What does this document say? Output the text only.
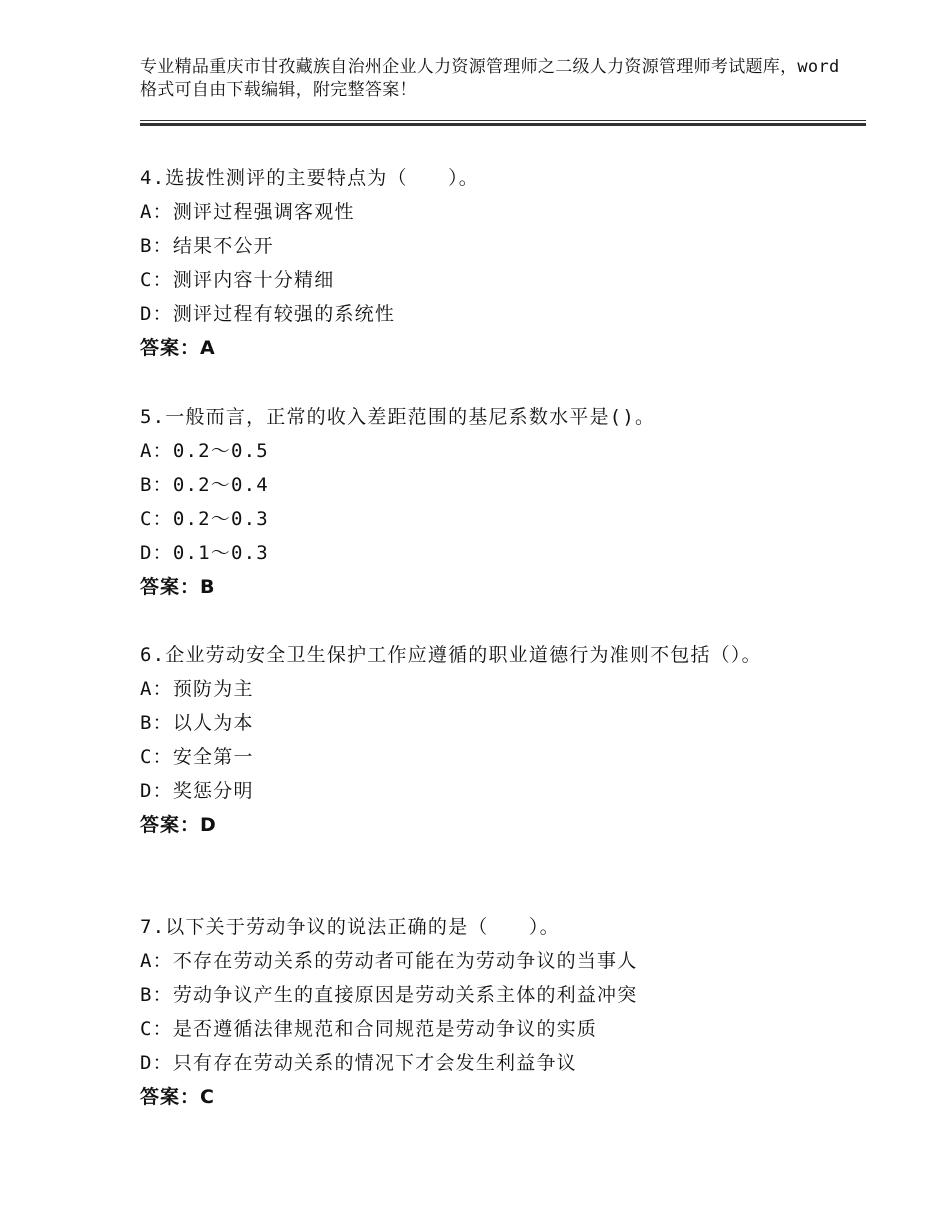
专业精品重庆市甘孜藏族自治州企业人力资源管理师之二级人力资源管理师考试题库，word格式可自由下载编辑，附完整答案！
4.选拔性测评的主要特点为（　　）。
A：测评过程强调客观性
B：结果不公开
C：测评内容十分精细
D：测评过程有较强的系统性
答案：A
5.一般而言，正常的收入差距范围的基尼系数水平是()。
A：0.2～0.5
B：0.2～0.4
C：0.2～0.3
D：0.1～0.3
答案：B
6.企业劳动安全卫生保护工作应遵循的职业道德行为准则不包括（）。
A：预防为主
B：以人为本
C：安全第一
D：奖惩分明
答案：D
7.以下关于劳动争议的说法正确的是（　　）。
A：不存在劳动关系的劳动者可能在为劳动争议的当事人
B：劳动争议产生的直接原因是劳动关系主体的利益冲突
C：是否遵循法律规范和合同规范是劳动争议的实质
D：只有存在劳动关系的情况下才会发生利益争议
答案：C
